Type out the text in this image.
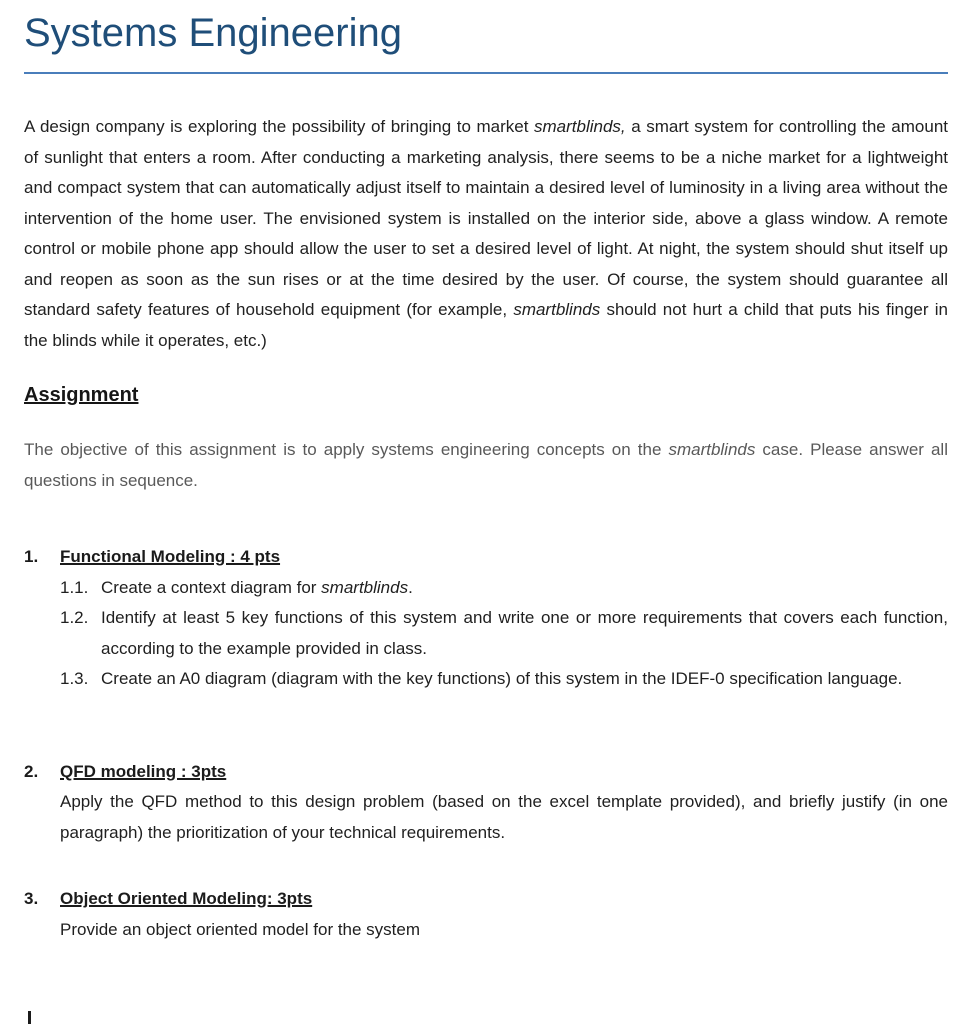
Systems Engineering

A design company is exploring the possibility of bringing to market smartblinds, a smart system for controlling the amount of sunlight that enters a room. After conducting a marketing analysis, there seems to be a niche market for a lightweight and compact system that can automatically adjust itself to maintain a desired level of luminosity in a living area without the intervention of the home user. The envisioned system is installed on the interior side, above a glass window. A remote control or mobile phone app should allow the user to set a desired level of light. At night, the system should shut itself up and reopen as soon as the sun rises or at the time desired by the user. Of course, the system should guarantee all standard safety features of household equipment (for example, smartblinds should not hurt a child that puts his finger in the blinds while it operates, etc.)

Assignment

The objective of this assignment is to apply systems engineering concepts on the smartblinds case. Please answer all questions in sequence.

1.	Functional Modeling : 4 pts
1.1. Create a context diagram for smartblinds.
1.2. Identify at least 5 key functions of this system and write one or more requirements that covers each function, according to the example provided in class.
1.3. Create an A0 diagram (diagram with the key functions) of this system in the IDEF-0 specification language.
2.	QFD modeling : 3pts
Apply the QFD method to this design problem (based on the excel template provided), and briefly justify (in one paragraph) the prioritization of your technical requirements.
3.	Object Oriented Modeling: 3pts
Provide an object oriented model for the system
